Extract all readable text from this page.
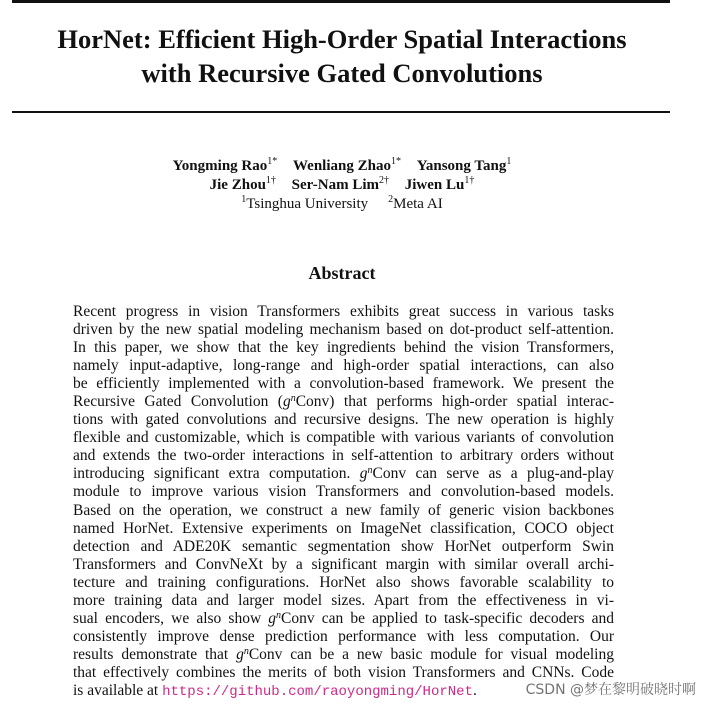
HorNet: Efficient High-Order Spatial Interactions
with Recursive Gated Convolutions
Yongming Rao$^{1*}$ Wenliang Zhao$^{1*}$ Yansong Tang$^1$
Jie Zhou$^{1\dagger}$ Ser-Nam Lim$^{2\dagger}$ Jiwen $Lu^{1\dagger}$
$^1$Tsinghua University $^2$Meta AI
Abstract
Recent progress in vision Transformers exhibits great success in various tasks
driven by the new spatial modeling mechanism based on dot-product self-attention.
In this paper, we show that the key ingredients behind the vision Transformers,
namely input-adaptive, long-range and high-order spatial interactions, can also
be efficiently implemented with a convolution-based framework. We present the
Recursive Gated Convolution $(g^nConv)$ that performs high-order spatial interac-
tions with gated convolutions and recursive designs. The new operation is highly
flexible and customizable, which is compatible with various variants of convolution
and extends the two-order interactions in self-attention to arbitrary orders without
introducing significant extra computation. $g^nConv$ can serve as a plug-and-play
module to improve various vision Transformers and convolution-based models.
Based on the operation, we construct a new family of generic vision backbones
named HorNet. Extensive experiments on ImageNet classification, COCO object
detection and ADE20K semantic segmentation show HorNet outperform Swin
Transformers and ConvNeXt by a significant margin with similar overall archi-
tecture and training configurations. HorNet also shows favorable scalability to
more training data and larger model sizes. Apart from the effectiveness in vi-
sual encoders, we also show $g^nConv$ can be applied to task-specific decoders and
consistently improve dense prediction performance with less computation. Our
results demonstrate that $g^nConv$ can be a new basic module for visual modeling
that effectively combines the merits of both vision Transformers and CNNs. Code
is available at https://github.com/raoyongming/HorNet.	CSDN @梦在黎明破晓时啊
